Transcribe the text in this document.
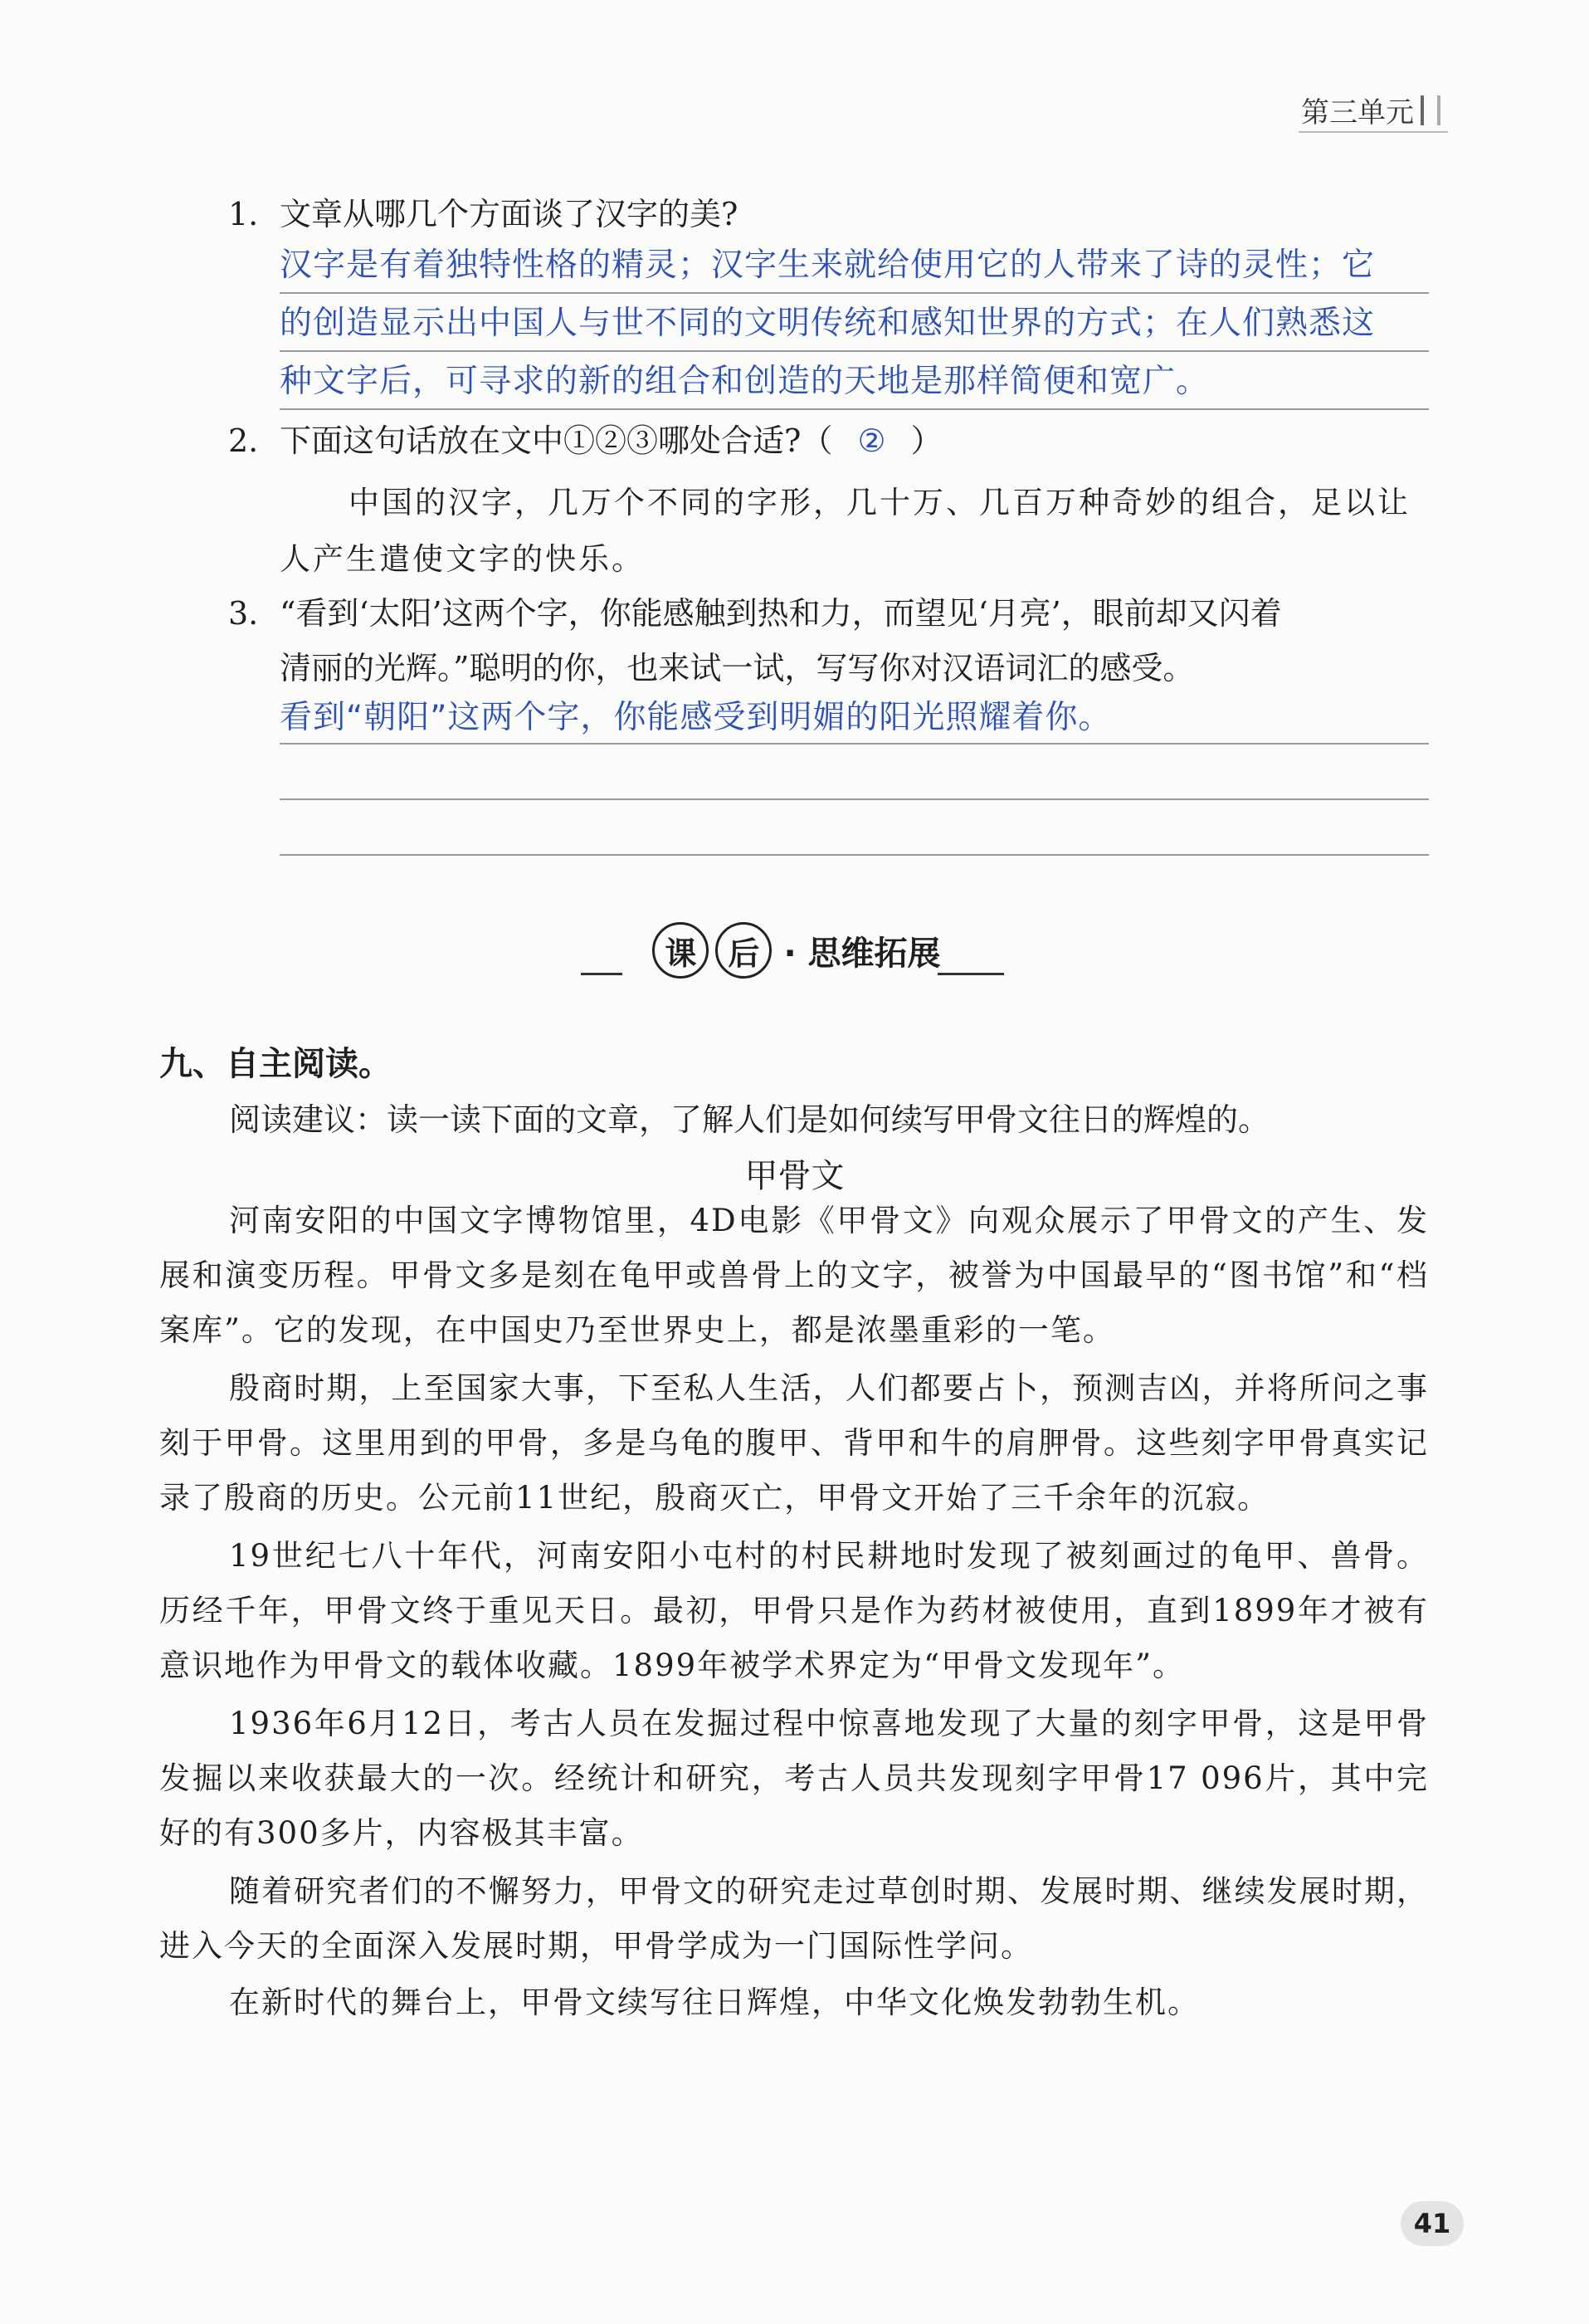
第三单元
1. 文章从哪几个方面谈了汉字的美?
汉字是有着独特性格的精灵；汉字生来就给使用它的人带来了诗的灵性；它
的创造显示出中国人与世不同的文明传统和感知世界的方式；在人们熟悉这
种文字后，可寻求的新的组合和创造的天地是那样简便和宽广。
2. 下面这句话放在文中①②③哪处合适?（ ② ）
中国的汉字，几万个不同的字形，几十万、几百万种奇妙的组合，足以让
人产生遣使文字的快乐。
3. “看到‘太阳’这两个字，你能感触到热和力，而望见‘月亮’，眼前却又闪着
清丽的光辉。”聪明的你，也来试一试，写写你对汉语词汇的感受。
看到“朝阳”这两个字，你能感受到明媚的阳光照耀着你。
课 后 · 思维拓展
九、自主阅读。
阅读建议：读一读下面的文章，了解人们是如何续写甲骨文往日的辉煌的。
甲骨文

河南安阳的中国文字博物馆里，4D电影《甲骨文》向观众展示了甲骨文的产生、发展和演变历程。甲骨文多是刻在龟甲或兽骨上的文字，被誉为中国最早的“图书馆”和“档案库”。它的发现，在中国史乃至世界史上，都是浓墨重彩的一笔。

殷商时期，上至国家大事，下至私人生活，人们都要占卜，预测吉凶，并将所问之事刻于甲骨。这里用到的甲骨，多是乌龟的腹甲、背甲和牛的肩胛骨。这些刻字甲骨真实记录了殷商的历史。公元前11世纪，殷商灭亡，甲骨文开始了三千余年的沉寂。

19世纪七八十年代，河南安阳小屯村的村民耕地时发现了被刻画过的龟甲、兽骨。历经千年，甲骨文终于重见天日。最初，甲骨只是作为药材被使用，直到1899年才被有意识地作为甲骨文的载体收藏。1899年被学术界定为“甲骨文发现年”。

1936年6月12日，考古人员在发掘过程中惊喜地发现了大量的刻字甲骨，这是甲骨发掘以来收获最大的一次。经统计和研究，考古人员共发现刻字甲骨17 096片，其中完好的有300多片，内容极其丰富。

随着研究者们的不懈努力，甲骨文的研究走过草创时期、发展时期、继续发展时期，进入今天的全面深入发展时期，甲骨学成为一门国际性学问。

在新时代的舞台上，甲骨文续写往日辉煌，中华文化焕发勃勃生机。

41
